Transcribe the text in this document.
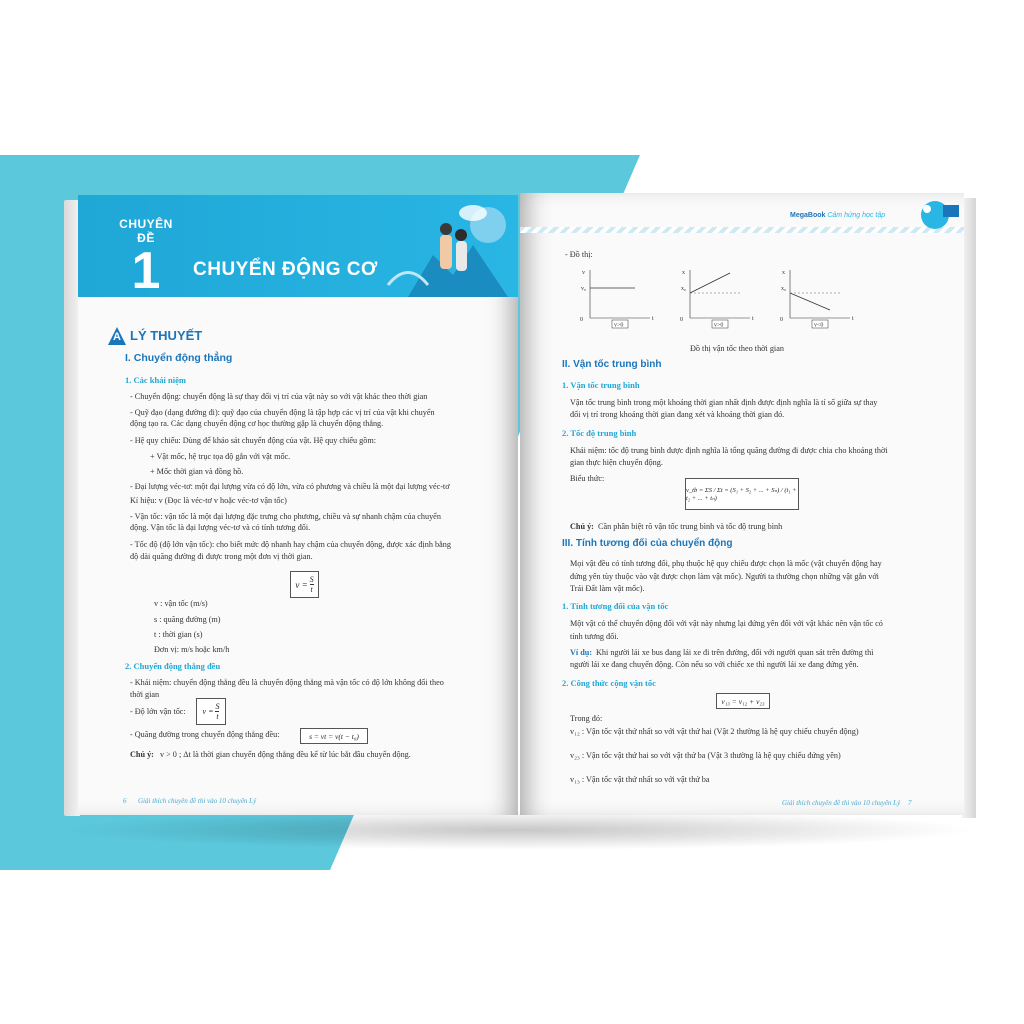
CHUYÊN ĐỀ
1	CHUYỂN ĐỘNG CƠ
A LÝ THUYẾT
I. Chuyển động thẳng
1. Các khái niệm
- Chuyển động: chuyển động là sự thay đổi vị trí của vật này so với vật khác theo thời gian
- Quỹ đạo (dạng đường đi): quỹ đạo của chuyển động là tập hợp các vị trí của vật khi chuyển
động tạo ra. Các dạng chuyển động cơ học thường gặp là chuyển động thẳng.
- Hệ quy chiếu: Dùng để khảo sát chuyển động của vật. Hệ quy chiếu gồm:
+ Vật mốc, hệ trục tọa độ gắn với vật mốc.
+ Mốc thời gian và đồng hồ.
- Đại lượng véc-tơ: một đại lượng vừa có độ lớn, vừa có phương và chiều là một đại lượng véc-tơ
Kí hiệu: v (Đọc là véc-tơ v hoặc véc-tơ vận tốc)
- Vận tốc: vận tốc là một đại lượng đặc trưng cho phương, chiều và sự nhanh chậm của chuyển
động. Vận tốc là đại lượng véc-tơ và có tính tương đối.
- Tốc độ (độ lớn vận tốc): cho biết mức độ nhanh hay chậm của chuyển động, được xác định bằng
độ dài quãng đường đi được trong một đơn vị thời gian.
$v = \frac{S}{t}$
v : vận tốc (m/s)
s : quãng đường (m)
t : thời gian (s)
Đơn vị: m/s hoặc km/h
2. Chuyển động thẳng đều
- Khái niệm: chuyển động thẳng đều là chuyển động thẳng mà vận tốc có độ lớn không đổi theo
thời gian
- Độ lớn vận tốc: $v = \frac{S}{t}$
- Quãng đường trong chuyển động thẳng đều:	s = vt = v(t − t₀)
Chú ý: v > 0 ; Δt là thời gian chuyển động thẳng đều kể từ lúc bắt đầu chuyển động.
6 Giải thích chuyên đề thi vào 10 chuyên Lý
MegaBook Cảm hứng học tập
- Đồ thị:
v
v₀
0	t
v>0
x
x₀
0	t
v>0
x
x₀
0	t
v<0
Đồ thị vận tốc theo thời gian
II. Vận tốc trung bình
1. Vận tốc trung bình
Vận tốc trung bình trong một khoảng thời gian nhất định được định nghĩa là tỉ số giữa sự thay
đổi vị trí trong khoảng thời gian đang xét và khoảng thời gian đó.
2. Tốc độ trung bình
Khái niệm: tốc độ trung bình được định nghĩa là tổng quãng đường đi được chia cho khoảng thời
gian thực hiện chuyển động.
Biểu thức:
v_tb = ΣS / Σt = (S₁ + S₂ + ... + Sₙ) / (t₁ + t₂ + ... + tₙ)
Chú ý: Cần phân biệt rõ vận tốc trung bình và tốc độ trung bình
III. Tính tương đối của chuyển động
Mọi vật đều có tính tương đối, phụ thuộc hệ quy chiếu được chọn là mốc (vật chuyển động hay
đứng yên tùy thuộc vào vật được chọn làm vật mốc). Người ta thường chọn những vật gắn với
Trái Đất làm vật mốc).
1. Tính tương đối của vận tốc
Một vật có thể chuyển động đối với vật này nhưng lại đứng yên đối với vật khác nên vận tốc có
tính tương đối.
Ví dụ: Khi người lái xe bus đang lái xe đi trên đường, đối với người quan sát trên đường thì
người lái xe đang chuyển động. Còn nếu so với chiếc xe thì người lái xe đang đứng yên.
2. Công thức cộng vận tốc
v₁₃ = v₁₂ + v₂₃
Trong đó:
v₁₂ : Vận tốc vật thứ nhất so với vật thứ hai (Vật 2 thường là hệ quy chiếu chuyển động)
v₂₃ : Vận tốc vật thứ hai so với vật thứ ba (Vật 3 thường là hệ quy chiếu đứng yên)
v₁₃ : Vận tốc vật thứ nhất so với vật thứ ba
Giải thích chuyên đề thi vào 10 chuyên Lý 7
